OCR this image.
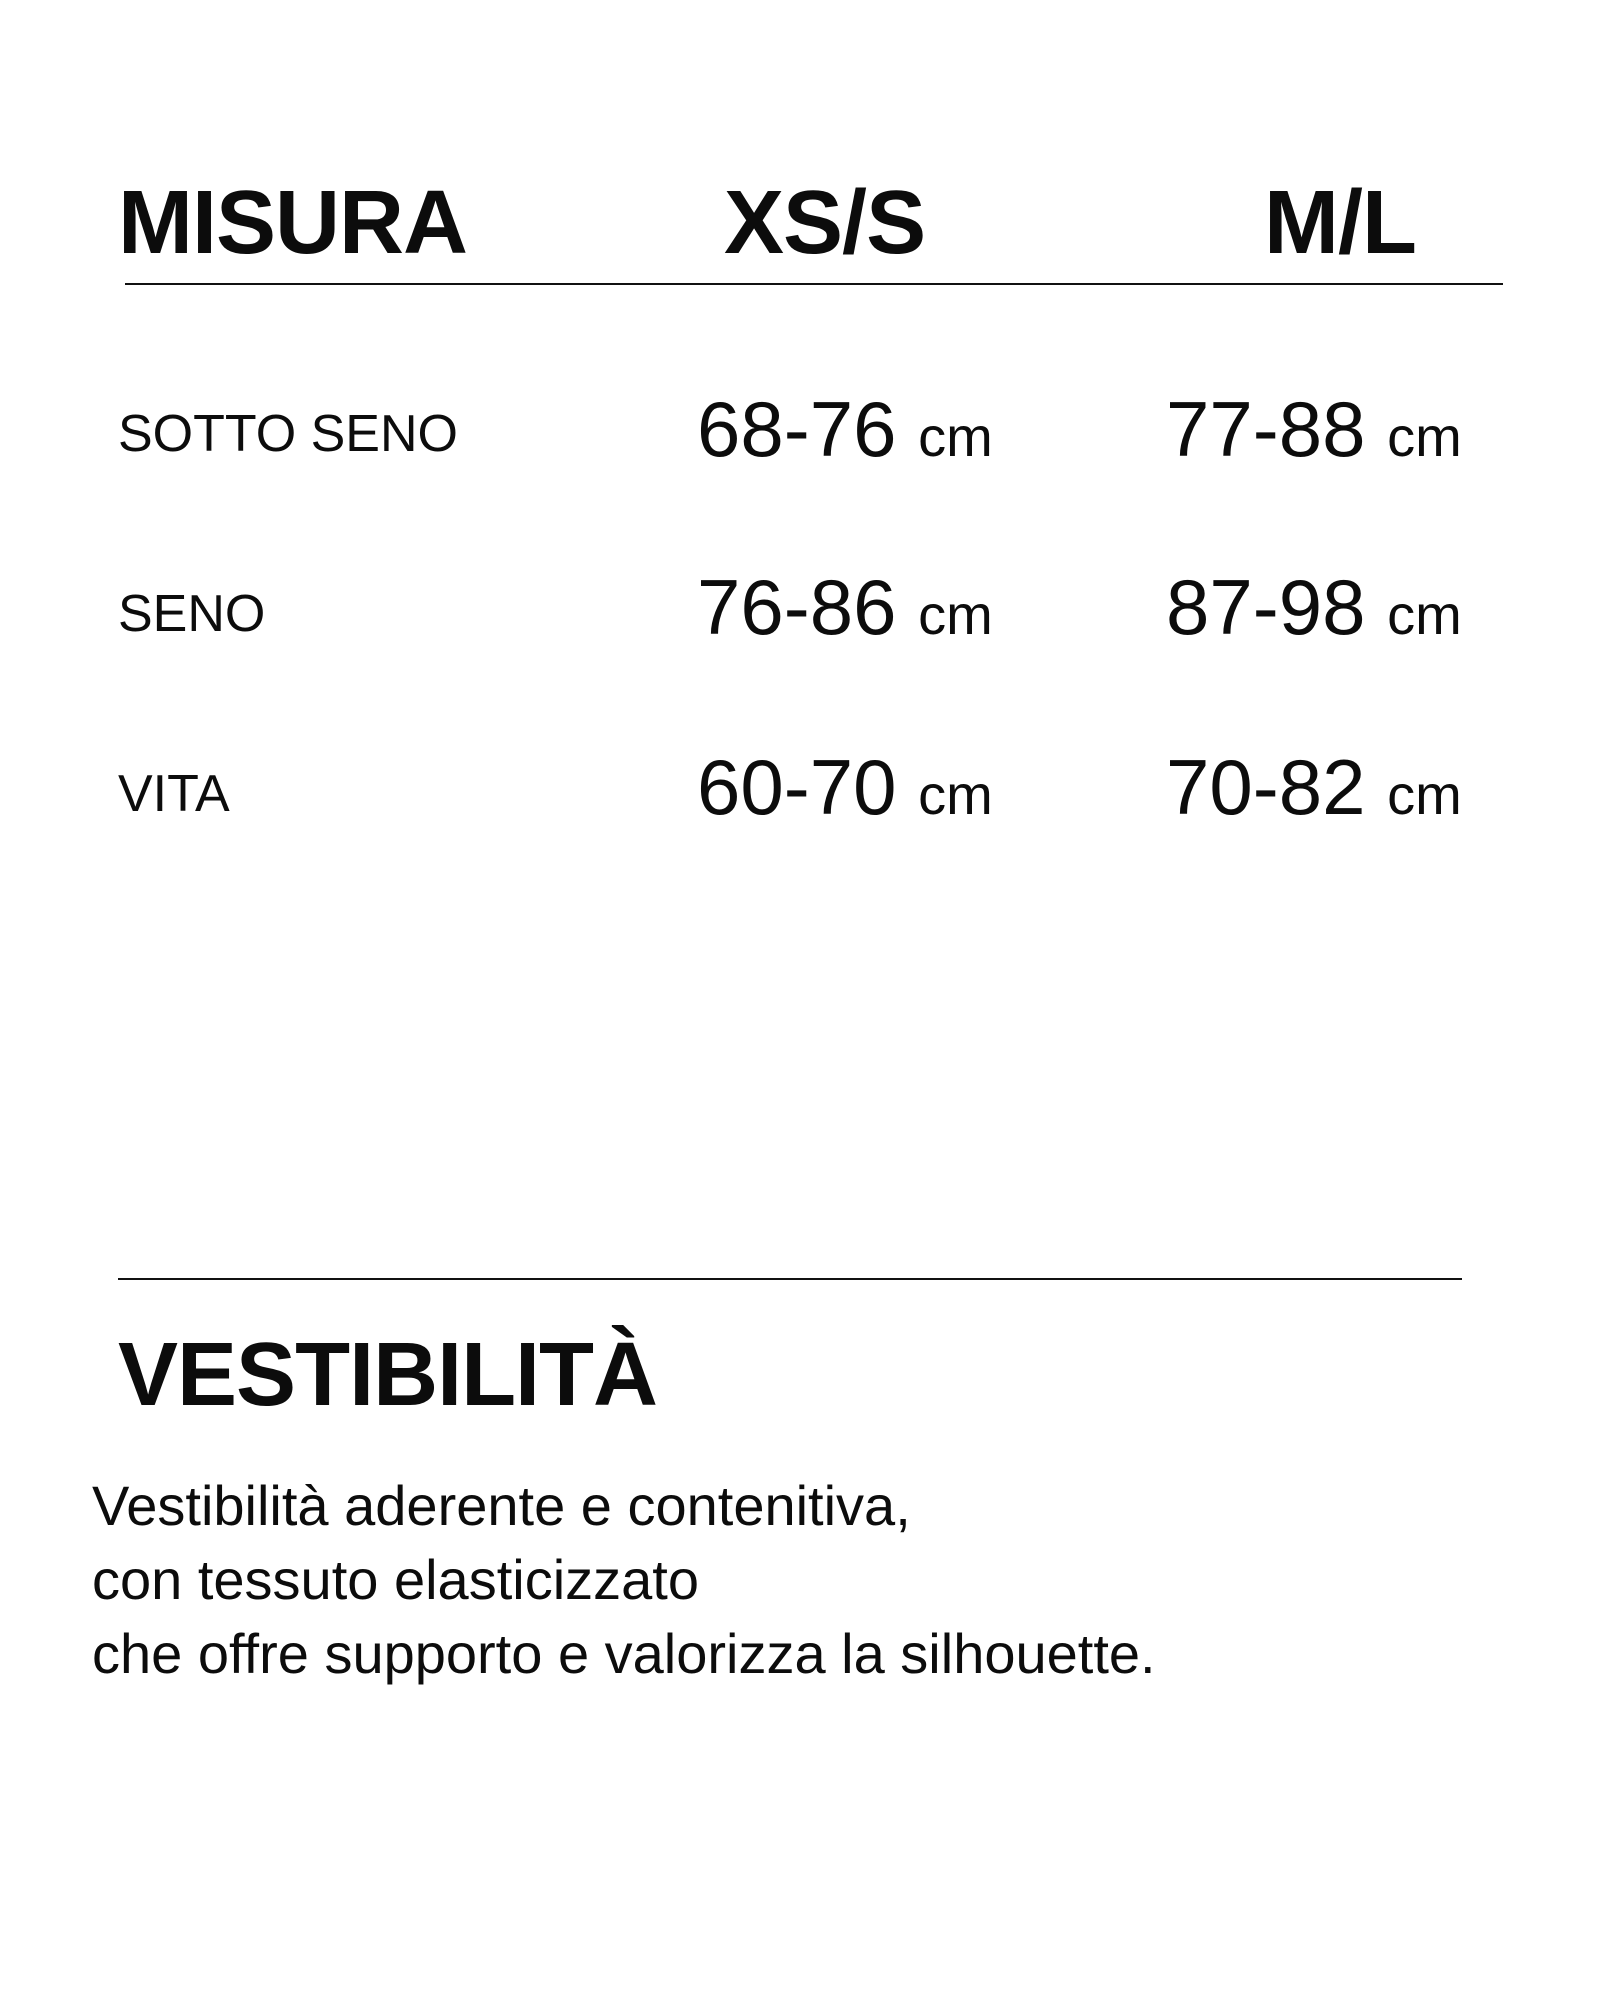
MISURA	XS/S	M/L
SOTTO SENO	68-76 cm 77-88 cm
SENO	76-86 cm 87-98 cm
VITA	60-70 cm 70-82 cm
VESTIBILITÀ
Vestibilità aderente e contenitiva,
con tessuto elasticizzato
che offre supporto e valorizza la silhouette.
